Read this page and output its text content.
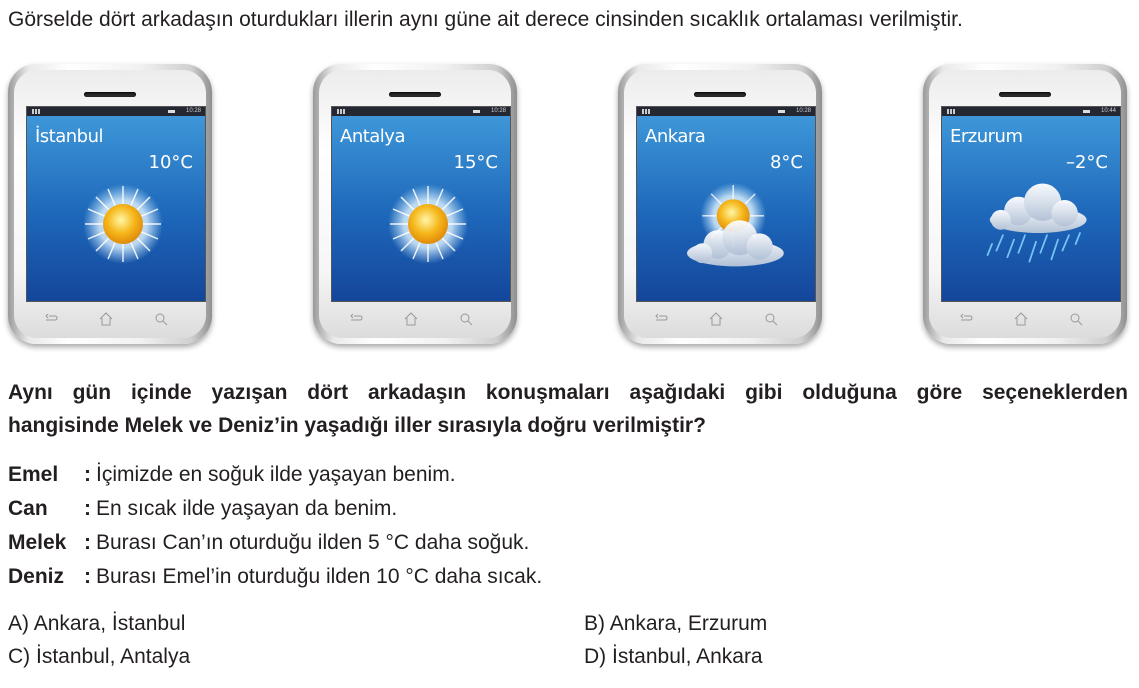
Görselde dört arkadaşın oturdukları illerin aynı güne ait derece cinsinden sıcaklık ortalaması verilmiştir.
10:28
İstanbul
10°C
10:28
Antalya
15°C
10:28
Ankara
8°C
10:44
Erzurum
–2°C
Aynı gün içinde yazışan dört arkadaşın konuşmaları aşağıdaki gibi olduğuna göre seçeneklerden
hangisinde Melek ve Deniz’in yaşadığı iller sırasıyla doğru verilmiştir?
Emel	: İçimizde en soğuk ilde yaşayan benim.
Can	: En sıcak ilde yaşayan da benim.
Melek : Burası Can’ın oturduğu ilden 5 °C daha soğuk.
Deniz : Burası Emel’in oturduğu ilden 10 °C daha sıcak.
A) Ankara, İstanbul	B) Ankara, Erzurum
C) İstanbul, Antalya	D) İstanbul, Ankara
